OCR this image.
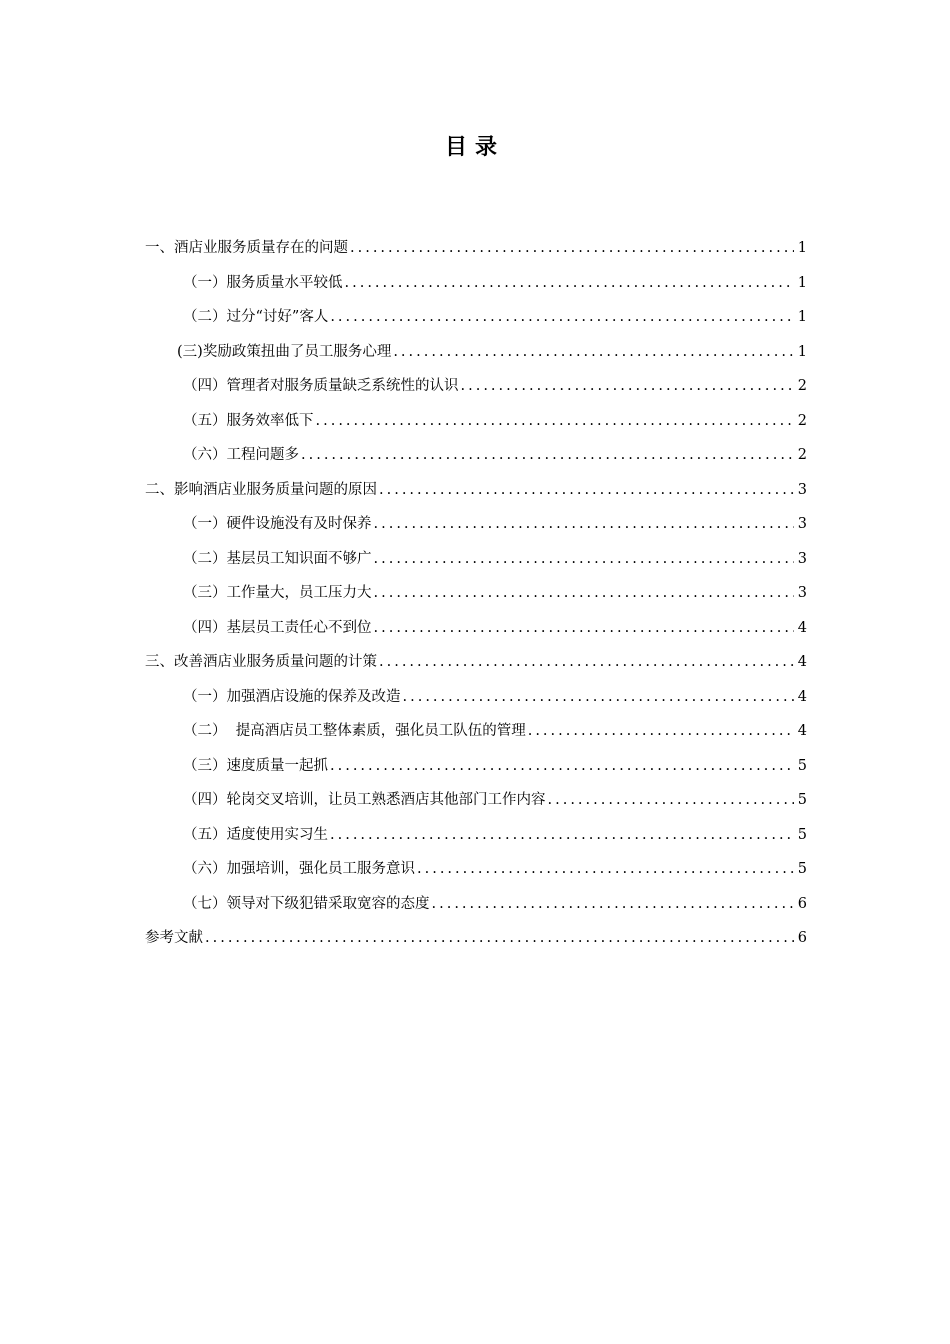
目录
一、酒店业服务质量存在的问题 .....	1
（一）服务质量水平较低 .....	1
（二）过分“讨好”客人 .....	1
(三)奖励政策扭曲了员工服务心理 .....	1
（四）管理者对服务质量缺乏系统性的认识 .....	2
（五）服务效率低下 .....	2
（六）工程问题多 .....	2
二、影响酒店业服务质量问题的原因 .....	3
（一）硬件设施没有及时保养 .....	3
（二）基层员工知识面不够广 .....	3
（三）工作量大，员工压力大 .....	3
（四）基层员工责任心不到位 .....	4
三、改善酒店业服务质量问题的计策 .....	4
（一）加强酒店设施的保养及改造 .....	4
（二）  提高酒店员工整体素质，强化员工队伍的管理 .....	4
（三）速度质量一起抓 .....	5
（四）轮岗交叉培训，让员工熟悉酒店其他部门工作内容 .....	5
（五）适度使用实习生 .....	5
（六）加强培训，强化员工服务意识 .....	5
（七）领导对下级犯错采取宽容的态度 .....	6
参考文献 .....	6
